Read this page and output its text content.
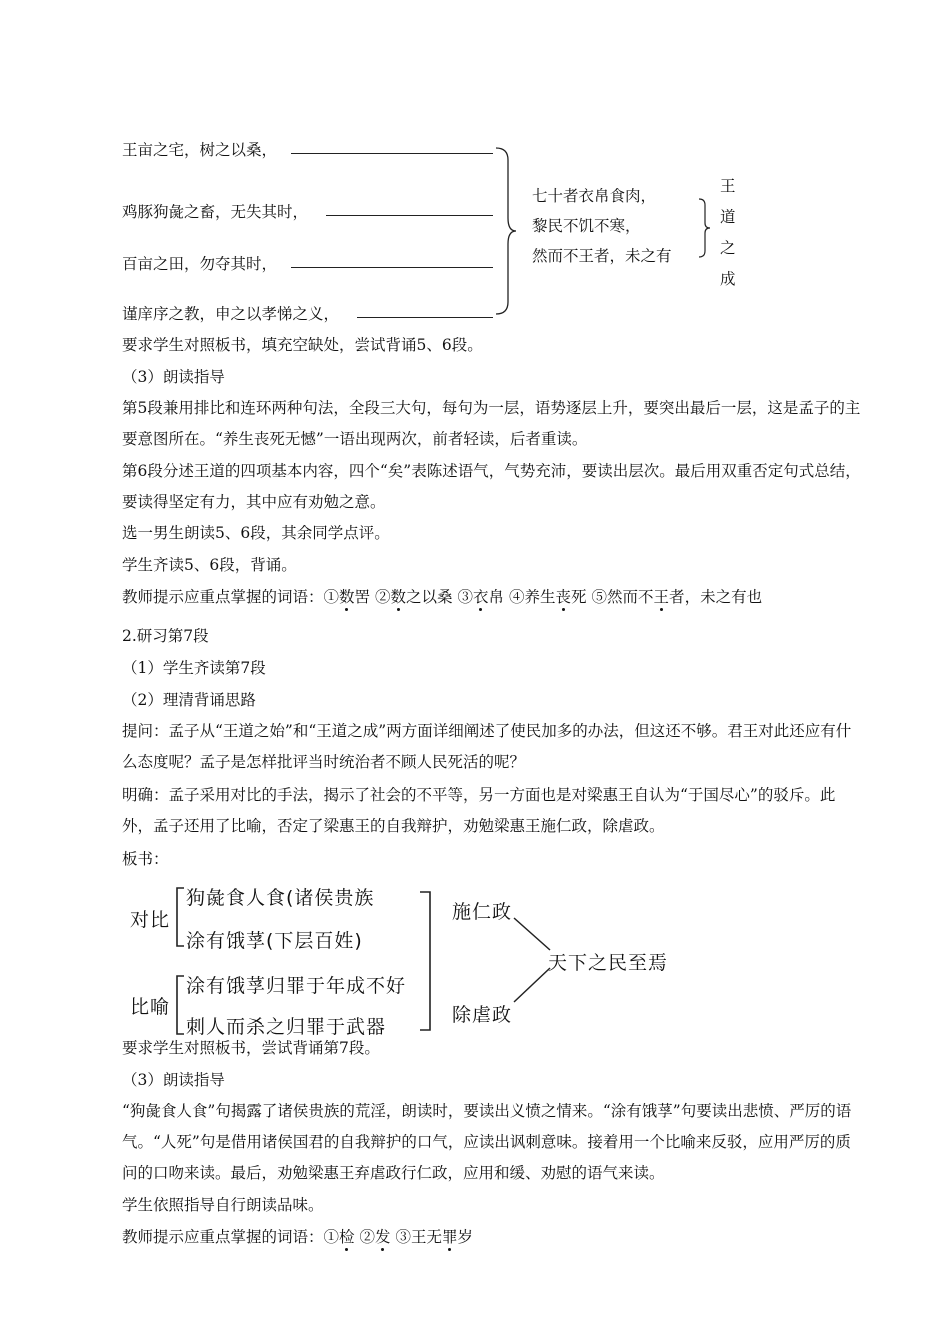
王亩之宅，树之以桑，
鸡豚狗彘之畜，无失其时，
百亩之田，勿夺其时，
谨庠序之教，申之以孝悌之义，
七十者衣帛食肉，
黎民不饥不寒，
然而不王者，未之有
王
道
之
成
要求学生对照板书，填充空缺处，尝试背诵5、6段。
（3）朗读指导
第5段兼用排比和连环两种句法，全段三大句，每句为一层，语势逐层上升，要突出最后一层，这是孟子的主要意图所在。“养生丧死无憾”一语出现两次，前者轻读，后者重读。
第6段分述王道的四项基本内容，四个“矣”表陈述语气，气势充沛，要读出层次。最后用双重否定句式总结，要读得坚定有力，其中应有劝勉之意。
选一男生朗读5、6段，其余同学点评。
学生齐读5、6段，背诵。
教师提示应重点掌握的词语：①数罟 ②数之以桑 ③衣帛 ④养生丧死 ⑤然而不王者，未之有也
2.研习第7段
（1）学生齐读第7段
（2）理清背诵思路
提问：孟子从“王道之始”和“王道之成”两方面详细阐述了使民加多的办法，但这还不够。君王对此还应有什么态度呢？孟子是怎样批评当时统治者不顾人民死活的呢？
明确：孟子采用对比的手法，揭示了社会的不平等，另一方面也是对梁惠王自认为“于国尽心”的驳斥。此外，孟子还用了比喻，否定了梁惠王的自我辩护，劝勉梁惠王施仁政，除虐政。
板书：
对比
狗彘食人食(诸侯贵族
涂有饿莩(下层百姓)
比喻
涂有饿莩归罪于年成不好
刺人而杀之归罪于武器
施仁政
除虐政
天下之民至焉
要求学生对照板书，尝试背诵第7段。
（3）朗读指导
“狗彘食人食”句揭露了诸侯贵族的荒淫，朗读时，要读出义愤之情来。“涂有饿莩”句要读出悲愤、严厉的语气。“人死”句是借用诸侯国君的自我辩护的口气，应读出讽刺意味。接着用一个比喻来反驳，应用严厉的质问的口吻来读。最后，劝勉梁惠王弃虐政行仁政，应用和缓、劝慰的语气来读。
学生依照指导自行朗读品味。
教师提示应重点掌握的词语：①检 ②发 ③王无罪岁
